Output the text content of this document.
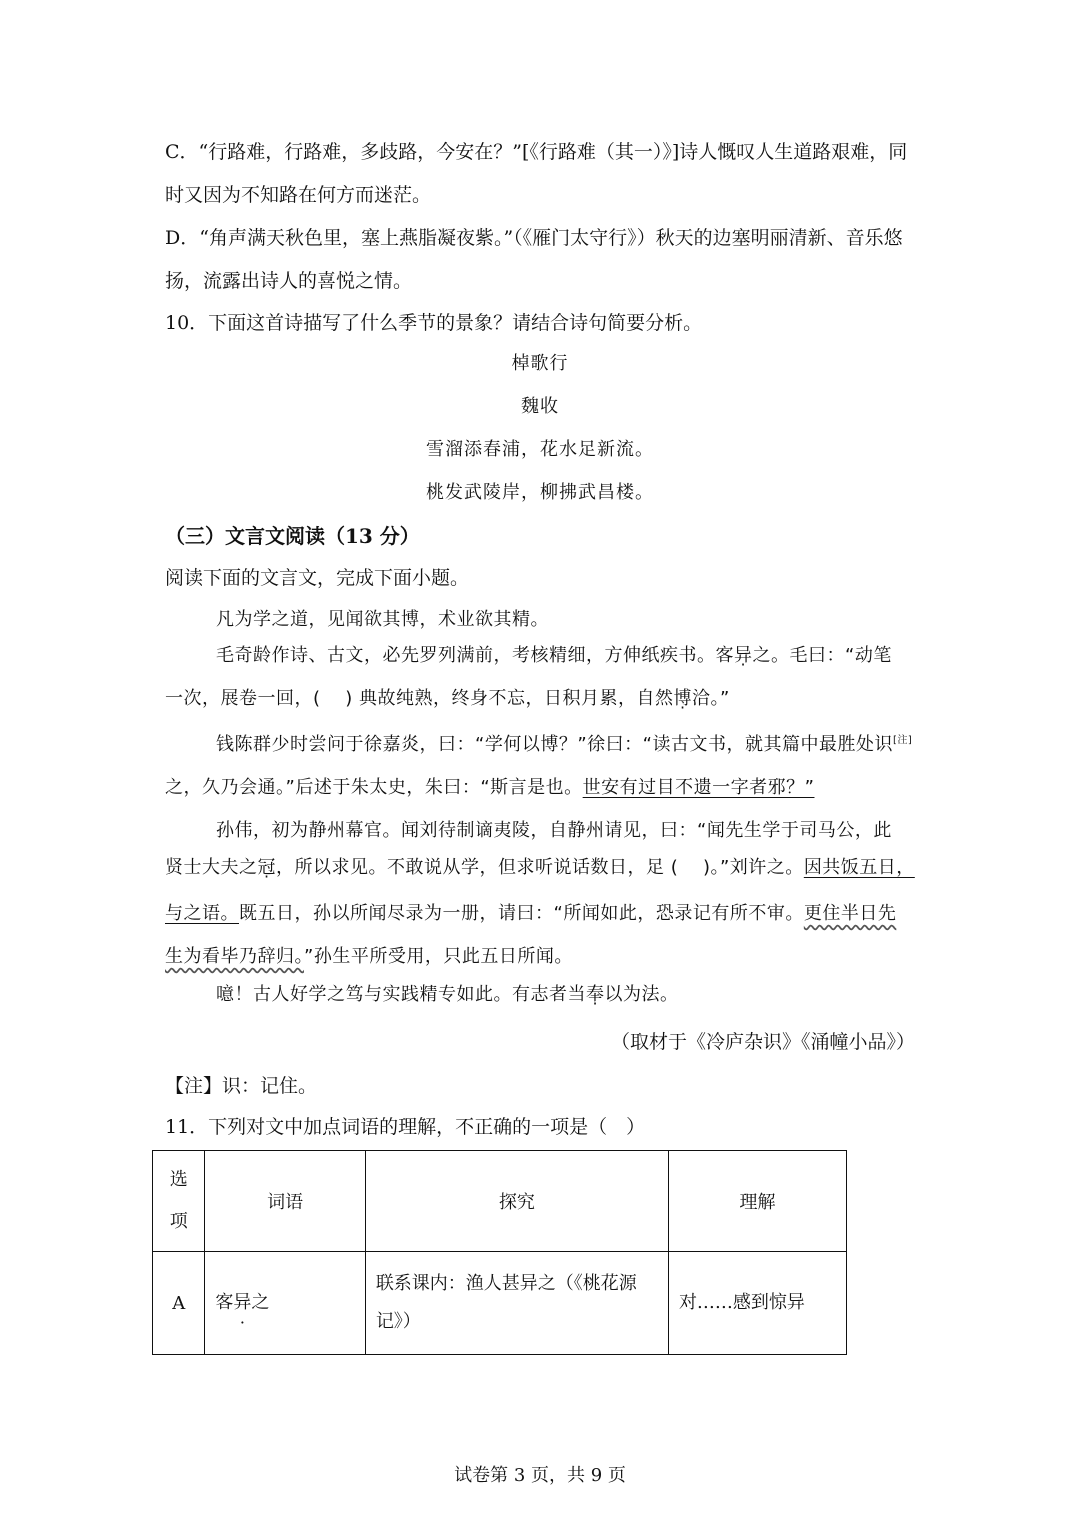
C．“行路难，行路难，多歧路，今安在？”[《行路难（其一）》]诗人慨叹人生道路艰难，同
时又因为不知路在何方而迷茫。
D．“角声满天秋色里，塞上燕脂凝夜紫。”（《雁门太守行》）秋天的边塞明丽清新、音乐悠
扬，流露出诗人的喜悦之情。
10．下面这首诗描写了什么季节的景象？请结合诗句简要分析。
棹歌行
魏收
雪溜添春浦，花水足新流。
桃发武陵岸，柳拂武昌楼。
（三）文言文阅读（13 分）
阅读下面的文言文，完成下面小题。
凡为学之道，见闻欲其博，术业欲其精。
毛奇龄作诗、古文，必先罗列满前，考核精细，方伸纸疾书。客异之。毛曰：“动笔
一次，展卷一回，(　 ) 典故纯熟，终身不忘，日积月累，自然博洽。”
钱陈群少时尝问于徐嘉炎，曰：“学何以博？”徐曰：“读古文书，就其篇中最胜处识[注]
之，久乃会通。”后述于朱太史，朱曰：“斯言是也。世安有过目不遗一字者邪？”
孙伟，初为静州幕官。闻刘待制谪夷陵，自静州请见，曰：“闻先生学于司马公，此
贤士大夫之冠，所以求见。不敢说从学，但求听说话数日，足 (　 )。”刘许之。因共饭五日，
与之语。既五日，孙以所闻尽录为一册，请曰：“所闻如此，恐录记有所不审。更住半日先
生为看毕乃辞归。”孙生平所受用，只此五日所闻。
噫！古人好学之笃与实践精专如此。有志者当奉以为法。
（取材于《冷庐杂识》《涌幢小品》）
【注】识：记住。
11．下列对文中加点词语的理解，不正确的一项是（　）
选项	词语	探究	理解
A	客异之	联系课内：渔人甚异之（《桃花源记》）	对……感到惊异
试卷第 3 页，共 9 页
